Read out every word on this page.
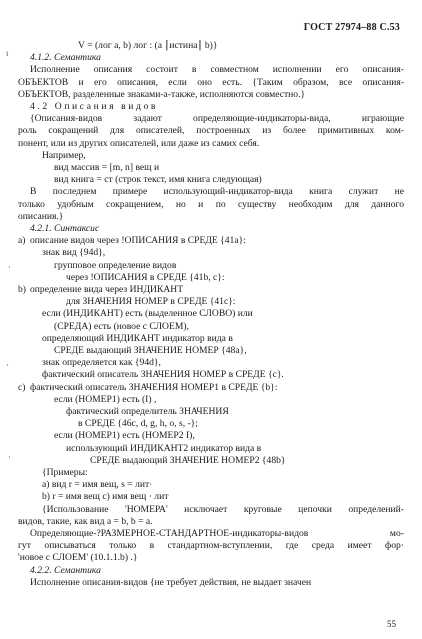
ГОСТ 27974–88 С.53
V = (лог a, b) лог : (a ⎮истина⎮ b)}
4.1.2. Семантика
Исполнение описания состоит в совместном исполнении его описания-
ОБЪЕКТОВ и его описания, если оно есть. {Таким образом, все описания-
ОБЪЕКТОВ, разделенные знаками-а-также, исполняются совместно.}
4.2 Описания видов
{Описания-видов задают определяющие-индикаторы-вида, играющие
роль сокращений для описателей, построенных из более примитивных ком-
понент, или из других описателей, или даже из самих себя.
Например,
вид массив = [m, n] вещ и
вид книга = ст (строк текст, имя книга следующая)
В последнем примере использующий-индикатор-вида книга служит не
только удобным сокращением, но и по существу необходим для данного
описания.}
4.2.1. Синтаксис
a) описание видов через !ОПИСАНИЯ в СРЕДЕ {41a}:
знак вид {94d},
групповое определение видов
через !ОПИСАНИЯ в СРЕДЕ {41b, c}:
b) определение вида через ИНДИКАНТ
для ЗНАЧЕНИЯ НОМЕР в СРЕДЕ {41c}:
если (ИНДИКАНТ) есть (выделенное СЛОВО) или
(СРЕДА) есть (новое с СЛОЕМ),
определяющий ИНДИКАНТ индикатор вида в
СРЕДЕ выдающий ЗНАЧЕНИЕ НОМЕР {48a},
знак определяется как {94d},
фактический описатель ЗНАЧЕНИЯ НОМЕР в СРЕДЕ {c}.
c) фактический описатель ЗНАЧЕНИЯ НОМЕР1 в СРЕДЕ {b}:
если (НОМЕР1) есть (I) ,
фактический определитель ЗНАЧЕНИЯ
в СРЕДЕ {46c, d, g, h, o, s, -};
если (НОМЕР1) есть (НОМЕР2 I),
использующий ИНДИКАНТ2 индикатор вида в
СРЕДЕ выдающий ЗНАЧЕНИЕ НОМЕР2 {48b}
{Примеры:
a) вид r = имя вещ, s = лит·
b) r = имя вещ c) имя вещ · лит
{Использование 'НОМЕРА' исключает круговые цепочки определений-
видов, такие, как вид a = b, b = a.
Определяющие-?РАЗМЕРНОЕ-СТАНДАРТНОЕ-индикаторы-видов мо-
гут описываться только в стандартном-вступлении, где среда имеет фор·
'новое с СЛОЕМ' (10.1.1.b) .}
4.2.2. Семантика
Исполнение описания-видов {не требует действия, не выдает значен
55
ι
·
·
·
